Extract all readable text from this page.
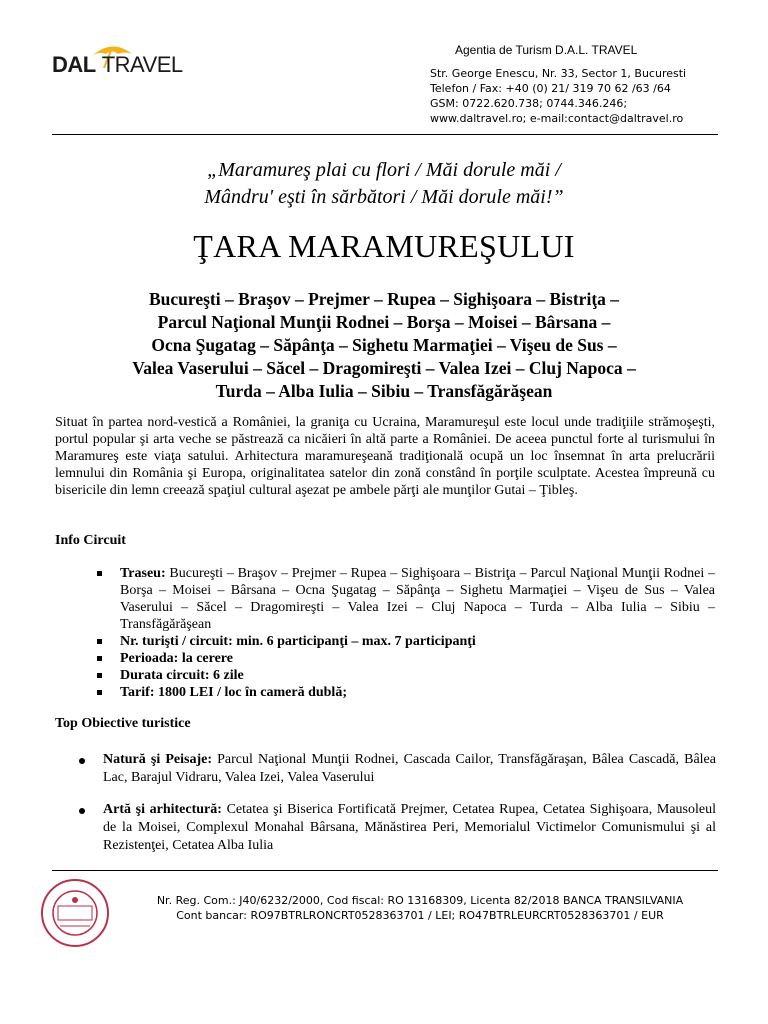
DAL TRAVEL
Agentia de Turism D.A.L. TRAVEL
Str. George Enescu, Nr. 33, Sector 1, Bucuresti
Telefon / Fax: +40 (0) 21/ 319 70 62 /63 /64
GSM: 0722.620.738; 0744.346.246;
www.daltravel.ro; e-mail:contact@daltravel.ro
„Maramureş plai cu flori / Măi dorule măi /
Mândru' eşti în sărbători / Măi dorule măi!”
ŢARA MARAMUREŞULUI
Bucureşti – Braşov – Prejmer – Rupea – Sighişoara – Bistriţa –
Parcul Naţional Munţii Rodnei – Borşa – Moisei – Bârsana –
Ocna Şugatag – Săpânţa – Sighetu Marmaţiei – Vişeu de Sus –
Valea Vaserului – Săcel – Dragomireşti – Valea Izei – Cluj Napoca –
Turda – Alba Iulia – Sibiu – Transfăgărăşean
Situat în partea nord-vestică a României, la graniţa cu Ucraina, Maramureşul este locul unde tradiţiile strămoşeşti, portul popular şi arta veche se păstrează ca nicăieri în altă parte a României. De aceea punctul forte al turismului în Maramureş este viaţa satului. Arhitectura maramureşeană tradiţională ocupă un loc însemnat în arta prelucrării lemnului din România şi Europa, originalitatea satelor din zonă constând în porţile sculptate. Acestea împreună cu bisericile din lemn creează spaţiul cultural aşezat pe ambele părţi ale munţilor Gutai – Ţibleş.
Info Circuit
Traseu: Bucureşti – Braşov – Prejmer – Rupea – Sighişoara – Bistriţa – Parcul Naţional Munţii Rodnei – Borşa – Moisei – Bârsana – Ocna Şugatag – Săpânţa – Sighetu Marmaţiei – Vişeu de Sus – Valea Vaserului – Săcel – Dragomireşti – Valea Izei – Cluj Napoca – Turda – Alba Iulia – Sibiu – Transfăgărăşean
Nr. turişti / circuit: min. 6 participanţi – max. 7 participanţi
Perioada: la cerere
Durata circuit: 6 zile
Tarif: 1800 LEI / loc în cameră dublă;
Top Obiective turistice
Natură şi Peisaje: Parcul Naţional Munţii Rodnei, Cascada Cailor, Transfăgăraşan, Bâlea Cascadă, Bâlea Lac, Barajul Vidraru, Valea Izei, Valea Vaserului
Artă şi arhitectură: Cetatea şi Biserica Fortificată Prejmer, Cetatea Rupea, Cetatea Sighişoara, Mausoleul de la Moisei, Complexul Monahal Bârsana, Mănăstirea Peri, Memorialul Victimelor Comunismului şi al Rezistenţei, Cetatea Alba Iulia
Nr. Reg. Com.: J40/6232/2000, Cod fiscal: RO 13168309, Licenta 82/2018 BANCA TRANSILVANIA
Cont bancar: RO97BTRLRONCRT0528363701 / LEI; RO47BTRLEURCRT0528363701 / EUR
